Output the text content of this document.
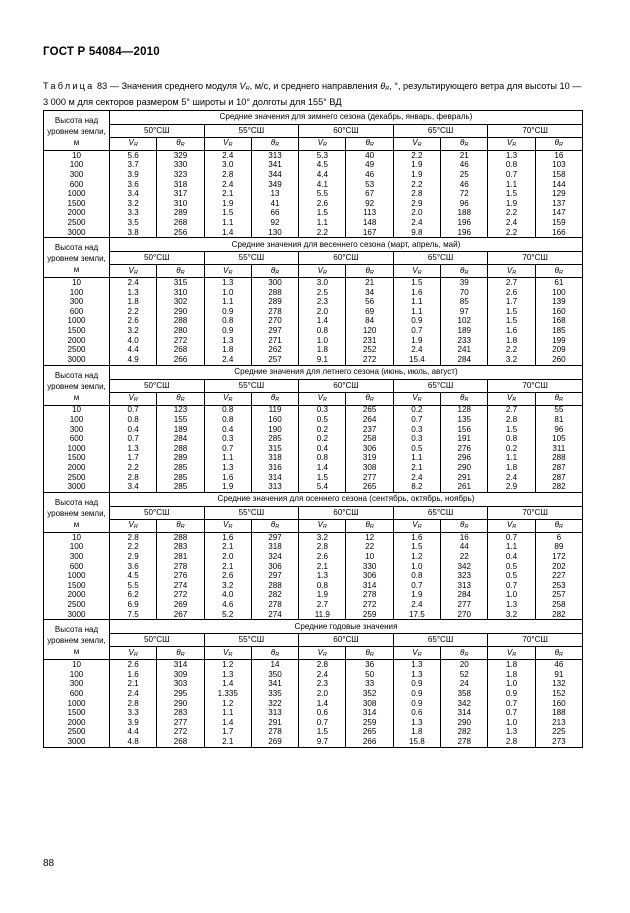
ГОСТ Р 54084—2010
Таблица 83 — Значения среднего модуля $V_R$, м/с, и среднего направления $\theta_R$, °, результирующего ветра для высоты 10 — 3 000 м для секторов размером 5° широты и 10° долготы для 155° ВД
Высота над уровнем земли, м	Средние значения для зимнего сезона (декабрь, январь, февраль)									
	50°СШ		55°СШ		60°СШ		65°СШ		70°СШ	
	$V_R$	$\theta_R$	$V_R$	$\theta_R$	$V_R$	$\theta_R$	$V_R$	$\theta_R$	$V_R$	$\theta_R$
10	5.6	329	2.4	313	5.3	40	2.2	21	1.3	16
100	3.7	330	3.0	341	4.5	49	1.9	46	0.8	103
300	3.9	323	2.8	344	4.4	46	1.9	25	0.7	158
600	3.6	318	2.4	349	4.1	53	2.2	46	1.1	144
1000	3.4	317	2.1	13	5.5	67	2.8	72	1.5	129
1500	3.2	310	1.9	41	2.6	92	2.9	96	1.9	137
2000	3.3	289	1.5	66	1.5	113	2.0	188	2.2	147
2500	3.5	268	1.1	92	1.1	148	2.4	196	2.4	159
3000	3.8	256	1.4	130	2.2	167	9.8	196	2.2	166
Высота над уровнем земли, м	Средние значения для весеннего сезона (март, апрель, май)									
	50°СШ		55°СШ		60°СШ		65°СШ		70°СШ	
	$V_R$	$\theta_R$	$V_R$	$\theta_R$	$V_R$	$\theta_R$	$V_R$	$\theta_R$	$V_R$	$\theta_R$
10	2.4	315	1.3	300	3.0	21	1.5	39	2.7	61
100	1.3	310	1.0	288	2.5	34	1.6	70	2.6	100
300	1.8	302	1.1	289	2.3	56	1.1	85	1.7	139
600	2.2	290	0.9	278	2.0	69	1.1	97	1.5	160
1000	2.6	288	0.8	270	1.4	84	0.9	102	1.5	168
1500	3.2	280	0.9	297	0.8	120	0.7	189	1.6	185
2000	4.0	272	1.3	271	1.0	231	1.9	233	1.8	199
2500	4.4	268	1.8	262	1.8	252	2.4	241	2.2	209
3000	4.9	266	2.4	257	9.1	272	15.4	284	3.2	260
Высота над уровнем земли, м	Средние значения для летнего сезона (июнь, июль, август)									
	50°СШ		55°СШ		60°СШ		65°СШ		70°СШ	
	$V_R$	$\theta_R$	$V_R$	$\theta_R$	$V_R$	$\theta_R$	$V_R$	$\theta_R$	$V_R$	$\theta_R$
10	0.7	123	0.8	119	0.3	265	0.2	128	2.7	55
100	0.8	155	0.8	160	0.5	264	0.7	135	2.8	81
300	0.4	189	0.4	190	0.2	237	0.3	156	1.5	96
600	0.7	284	0.3	285	0.2	258	0.3	191	0.8	105
1000	1.3	288	0.7	315	0.4	306	0.5	276	0.2	311
1500	1.7	289	1.1	318	0.8	319	1.1	296	1.1	288
2000	2.2	285	1.3	316	1.4	308	2.1	290	1.8	287
2500	2.8	285	1.6	314	1.5	277	2.4	291	2.4	287
3000	3.4	285	1.9	313	5.4	265	8.2	261	2.9	282
Высота над уровнем земли, м	Средние значения для осеннего сезона (сентябрь, октябрь, ноябрь)									
	50°СШ		55°СШ		60°СШ		65°СШ		70°СШ	
	$V_R$	$\theta_R$	$V_R$	$\theta_R$	$V_R$	$\theta_R$	$V_R$	$\theta_R$	$V_R$	$\theta_R$
10	2.8	288	1.6	297	3.2	12	1.6	16	0.7	6
100	2.2	283	2.1	318	2.8	22	1.5	44	1.1	89
300	2.9	281	2.0	324	2.6	10	1.2	22	0.4	172
600	3.6	278	2.1	306	2.1	330	1.0	342	0.5	202
1000	4.5	276	2.6	297	1.3	306	0.8	323	0.5	227
1500	5.5	274	3.2	288	0.8	314	0.7	313	0.7	253
2000	6.2	272	4.0	282	1.9	278	1.9	284	1.0	257
2500	6.9	269	4.6	278	2.7	272	2.4	277	1.3	258
3000	7.5	267	5.2	274	11.9	259	17.5	270	3.2	282
Высота над уровнем земли, м	Средние годовые значения									
	50°СШ		55°СШ		60°СШ		65°СШ		70°СШ	
	$V_R$	$\theta_R$	$V_R$	$\theta_R$	$V_R$	$\theta_R$	$V_R$	$\theta_R$	$V_R$	$\theta_R$
10	2.6	314	1.2	14	2.8	36	1.3	20	1.8	46
100	1.6	309	1.3	350	2.4	50	1.3	52	1.8	91
300	2.1	303	1.4	341	2.3	33	0.9	24	1.0	132
600	2.4	295	1.335	335	2.0	352	0.9	358	0.9	152
1000	2.8	290	1.2	322	1.4	308	0.9	342	0.7	160
1500	3.3	283	1.1	313	0.6	314	0.6	314	0.7	188
2000	3.9	277	1.4	291	0.7	259	1.3	290	1.0	213
2500	4.4	272	1.7	278	1.5	265	1.8	282	1.3	225
3000	4.8	268	2.1	269	9.7	266	15.8	278	2.8	273
88
